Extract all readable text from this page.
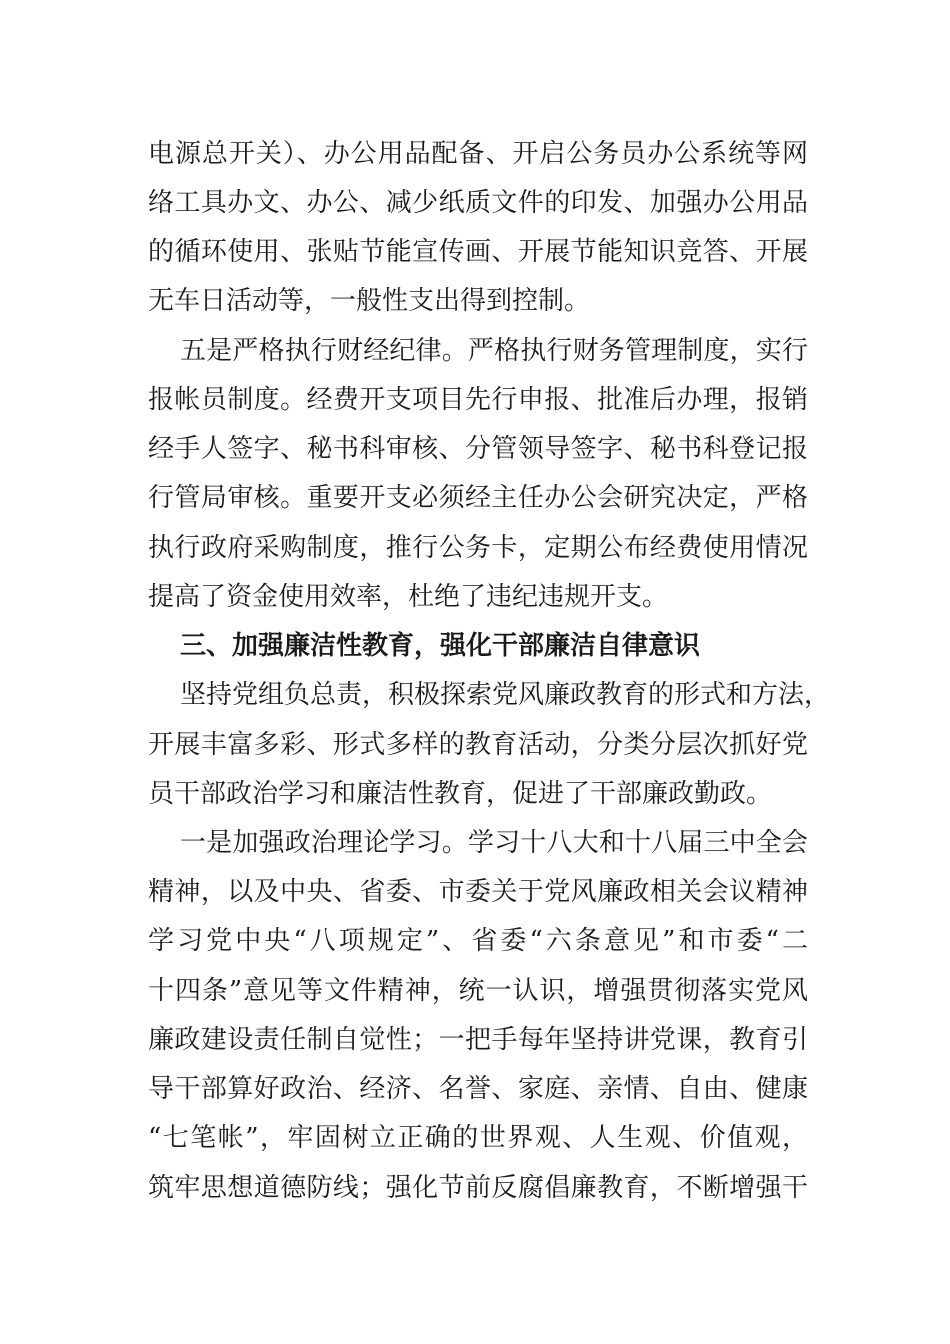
电源总开关）、办公用品配备、开启公务员办公系统等网
络工具办文、办公、减少纸质文件的印发、加强办公用品
的循环使用、张贴节能宣传画、开展节能知识竞答、开展
无车日活动等，一般性支出得到控制。
五是严格执行财经纪律。严格执行财务管理制度，实行
报帐员制度。经费开支项目先行申报、批准后办理，报销
经手人签字、秘书科审核、分管领导签字、秘书科登记报
行管局审核。重要开支必须经主任办公会研究决定，严格
执行政府采购制度，推行公务卡，定期公布经费使用情况
提高了资金使用效率，杜绝了违纪违规开支。
三、加强廉洁性教育，强化干部廉洁自律意识
坚持党组负总责，积极探索党风廉政教育的形式和方法，
开展丰富多彩、形式多样的教育活动，分类分层次抓好党
员干部政治学习和廉洁性教育，促进了干部廉政勤政。
一是加强政治理论学习。学习十八大和十八届三中全会
精神，以及中央、省委、市委关于党风廉政相关会议精神
学习党中央“八项规定”、省委“六条意见”和市委“二
十四条”意见等文件精神，统一认识，增强贯彻落实党风
廉政建设责任制自觉性；一把手每年坚持讲党课，教育引
导干部算好政治、经济、名誉、家庭、亲情、自由、健康
“七笔帐”，牢固树立正确的世界观、人生观、价值观，
筑牢思想道德防线；强化节前反腐倡廉教育，不断增强干
